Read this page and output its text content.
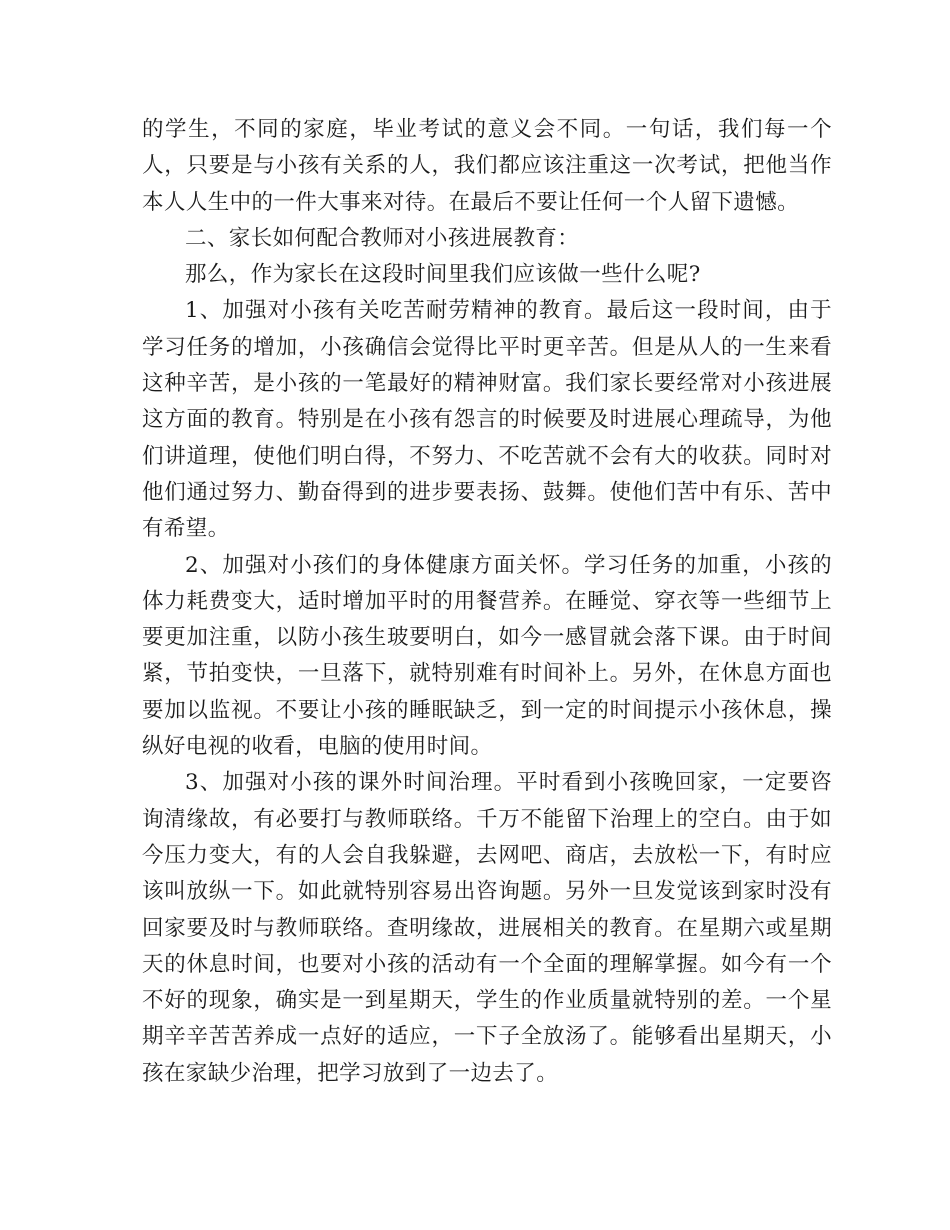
的学生，不同的家庭，毕业考试的意义会不同。一句话，我们每一个人，只要是与小孩有关系的人，我们都应该注重这一次考试，把他当作本人人生中的一件大事来对待。在最后不要让任何一个人留下遗憾。

二、家长如何配合教师对小孩进展教育：

那么，作为家长在这段时间里我们应该做一些什么呢?

1、加强对小孩有关吃苦耐劳精神的教育。最后这一段时间，由于学习任务的增加，小孩确信会觉得比平时更辛苦。但是从人的一生来看这种辛苦，是小孩的一笔最好的精神财富。我们家长要经常对小孩进展这方面的教育。特别是在小孩有怨言的时候要及时进展心理疏导，为他们讲道理，使他们明白得，不努力、不吃苦就不会有大的收获。同时对他们通过努力、勤奋得到的进步要表扬、鼓舞。使他们苦中有乐、苦中有希望。

2、加强对小孩们的身体健康方面关怀。学习任务的加重，小孩的体力耗费变大，适时增加平时的用餐营养。在睡觉、穿衣等一些细节上要更加注重，以防小孩生玻要明白，如今一感冒就会落下课。由于时间紧，节拍变快，一旦落下，就特别难有时间补上。另外，在休息方面也要加以监视。不要让小孩的睡眠缺乏，到一定的时间提示小孩休息，操纵好电视的收看，电脑的使用时间。

3、加强对小孩的课外时间治理。平时看到小孩晚回家，一定要咨询清缘故，有必要打与教师联络。千万不能留下治理上的空白。由于如今压力变大，有的人会自我躲避，去网吧、商店，去放松一下，有时应该叫放纵一下。如此就特别容易出咨询题。另外一旦发觉该到家时没有回家要及时与教师联络。查明缘故，进展相关的教育。在星期六或星期天的休息时间，也要对小孩的活动有一个全面的理解掌握。如今有一个不好的现象，确实是一到星期天，学生的作业质量就特别的差。一个星期辛辛苦苦养成一点好的适应，一下子全放汤了。能够看出星期天，小孩在家缺少治理，把学习放到了一边去了。
